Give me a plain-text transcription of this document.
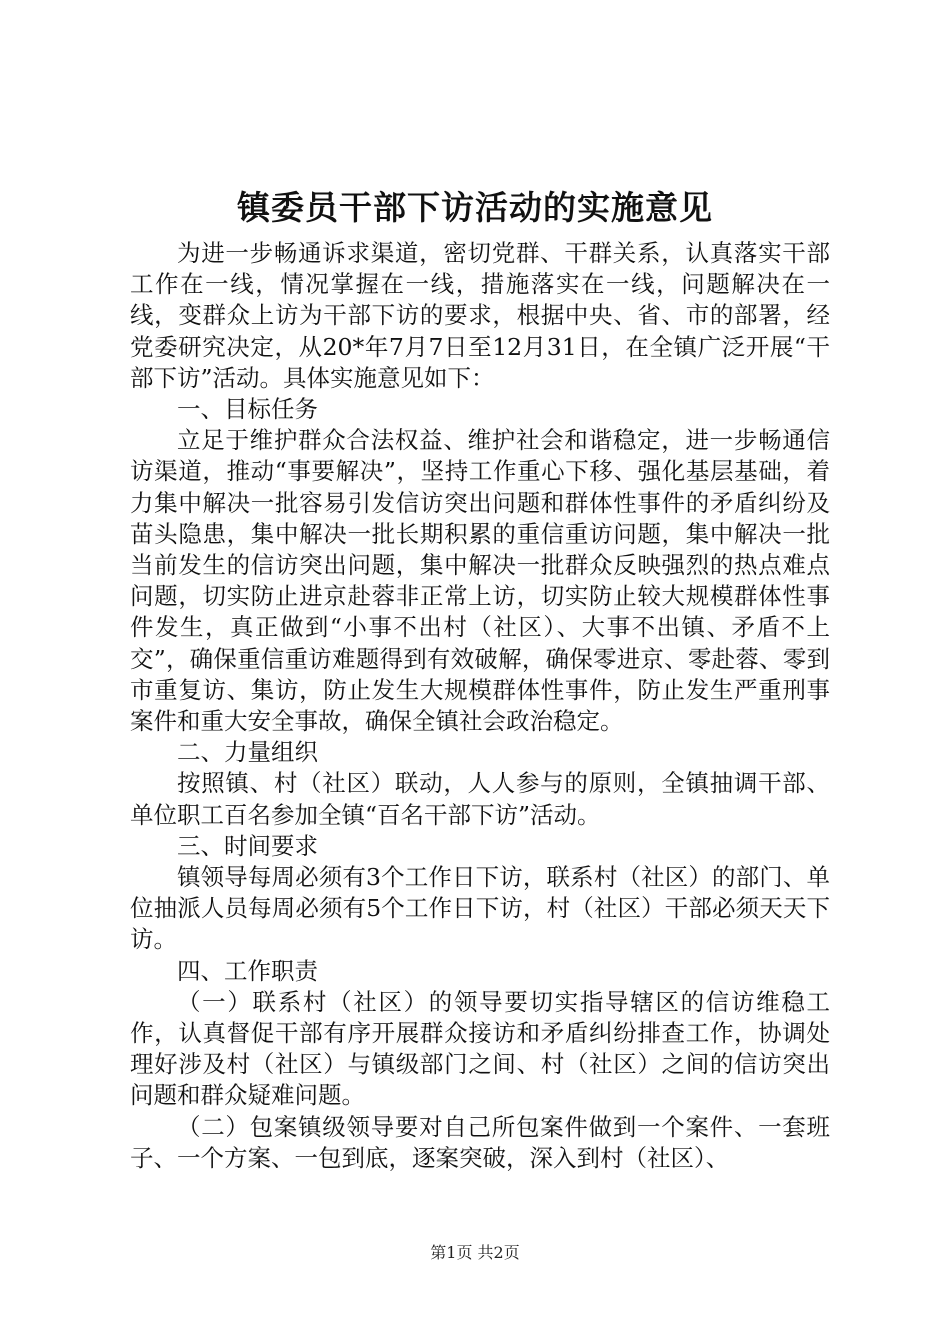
镇委员干部下访活动的实施意见

为进一步畅通诉求渠道，密切党群、干群关系，认真落实干部工作在一线，情况掌握在一线，措施落实在一线，问题解决在一线，变群众上访为干部下访的要求，根据中央、省、市的部署，经党委研究决定，从20*年7月7日至12月31日，在全镇广泛开展“干部下访”活动。具体实施意见如下：

一、目标任务

立足于维护群众合法权益、维护社会和谐稳定，进一步畅通信访渠道，推动“事要解决”，坚持工作重心下移、强化基层基础，着力集中解决一批容易引发信访突出问题和群体性事件的矛盾纠纷及苗头隐患，集中解决一批长期积累的重信重访问题，集中解决一批当前发生的信访突出问题，集中解决一批群众反映强烈的热点难点问题，切实防止进京赴蓉非正常上访，切实防止较大规模群体性事件发生，真正做到“小事不出村（社区）、大事不出镇、矛盾不上交”，确保重信重访难题得到有效破解，确保零进京、零赴蓉、零到市重复访、集访，防止发生大规模群体性事件，防止发生严重刑事案件和重大安全事故，确保全镇社会政治稳定。

二、力量组织

按照镇、村（社区）联动，人人参与的原则，全镇抽调干部、单位职工百名参加全镇“百名干部下访”活动。

三、时间要求

镇领导每周必须有3个工作日下访，联系村（社区）的部门、单位抽派人员每周必须有5个工作日下访，村（社区）干部必须天天下访。

四、工作职责

（一）联系村（社区）的领导要切实指导辖区的信访维稳工作，认真督促干部有序开展群众接访和矛盾纠纷排查工作，协调处理好涉及村（社区）与镇级部门之间、村（社区）之间的信访突出问题和群众疑难问题。

（二）包案镇级领导要对自己所包案件做到一个案件、一套班子、一个方案、一包到底，逐案突破，深入到村（社区）、

第1页 共2页
